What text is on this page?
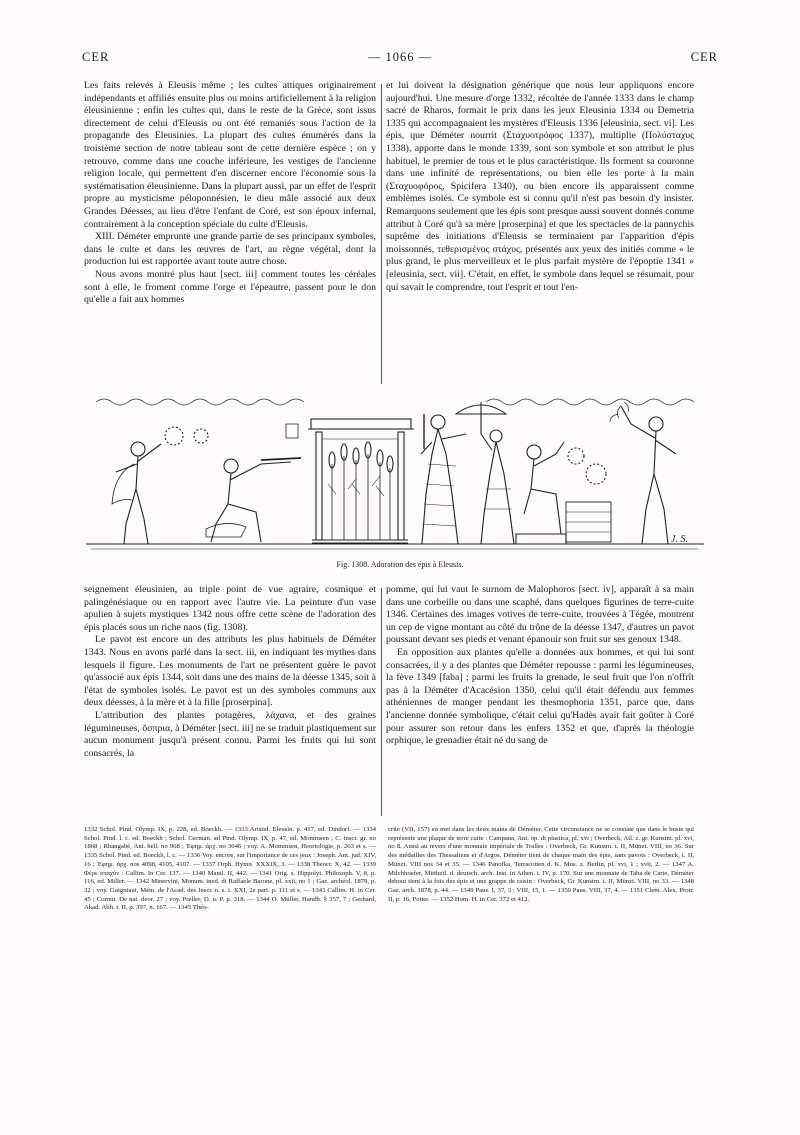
— 1066 —
CER	CER

Les faits relevés à Eleusis même ; les cultes attiques originairement indépendants et affiliés ensuite plus ou moins artificiellement à la religion éleusinienne ; enfin les cultes qui, dans le reste de la Grèce, sont issus directement de celui d'Eleusis ou ont été remaniés sous l'action de la propagande des Eleusinies. La plupart des cultes énumérés dans la troisième section de notre tableau sont de cette dernière espèce ; on y retrouve, comme dans une couche inférieure, les vestiges de l'ancienne religion locale, qui permettent d'en discerner encore l'économie sous la systématisation éleusinienne. Dans la plupart aussi, par un effet de l'esprit propre au mysticisme péloponnésien, le dieu mâle associé aux deux Grandes Déesses, au lieu d'être l'enfant de Coré, est son époux infernal, contrairement à la conception spéciale du culte d'Eleusis.

XIII. Déméter emprunte une grande partie de ses principaux symboles, dans le culte et dans les œuvres de l'art, au règne végétal, dont la production lui est rapportée avant toute autre chose.

Nous avons montré plus haut [sect. iii] comment toutes les céréales sont à elle, le froment comme l'orge et l'épeautre, passent pour le don qu'elle a fait aux hommes

et lui doivent la désignation générique que nous leur appliquons encore aujourd'hui. Une mesure d'orge 1332, récoltée de l'année 1333 dans le champ sacré de Rharos, formait le prix dans les jeux Eleusinia 1334 ou Demetria 1335 qui accompagnaient les mystères d'Eleusis 1336 [eleusinia, sect. vi]. Les épis, que Déméter nourrit (Σταχυοτρόφος 1337), multiplie (Πολύσταχυς 1338), apporte dans le monde 1339, sont son symbole et son attribut le plus habituel, le premier de tous et le plus caractéristique. Ils forment sa couronne dans une infinité de représentations, ou bien elle les porte à la main (Σταχυοφόρος, Spicifera 1340), ou bien encore ils apparaissent comme emblèmes isolés. Ce symbole est si connu qu'il n'est pas besoin d'y insister. Remarquons seulement que les épis sont presque aussi souvent donnés comme attribut à Coré qu'à sa mère [proserpina] et que les spectacles de la pannychis suprême des initiations d'Eleusis se terminaient par l'apparition d'épis moissonnés, τεθερισμένος στάχυς, présentés aux yeux des initiés comme « le plus grand, le plus merveilleux et le plus parfait mystère de l'époptie 1341 » [eleusinia, sect. vii]. C'était, en effet, le symbole dans lequel se résumait, pour qui savait le comprendre, tout l'esprit et tout l'en-

J. S.
Fig. 1308. Adoration des épis à Eleusis.

seignement éleusinien, au triple point de vue agraire, cosmique et palingénésiaque ou en rapport avec l'autre vie. La peinture d'un vase apulien à sujets mystiques 1342 nous offre cette scène de l'adoration des épis placés sous un riche naos (fig. 1308).

Le pavot est encore un des attributs les plus habituels de Déméter 1343. Nous en avons parlé dans la sect. iii, en indiquant les mythes dans lesquels il figure. Les monuments de l'art ne présentent guère le pavot qu'associé aux épis 1344, soit dans une des mains de la déesse 1345, soit à l'état de symboles isolés. Le pavot est un des symboles communs aux deux déesses, à la mère et à la fille [proserpina].

L'attribution des plantes potagères, λάχανα, et des graines légumineuses, ὄσπρια, à Déméter [sect. iii] ne se traduit plastiquement sur aucun monument jusqu'à présent connu. Parmi les fruits qui lui sont consacrés, la

pomme, qui lui vaut le surnom de Malophoros [sect. iv], apparaît à sa main dans une corbeille ou dans une scaphé, dans quelques figurines de terre-cuite 1346. Certaines des images votives de terre-cuite, trouvées à Tégée, montrent un cep de vigne montant au côté du trône de la déesse 1347, d'autres un pavot poussant devant ses pieds et venant épanouir son fruit sur ses genoux 1348.

En opposition aux plantes qu'elle a données aux hommes, et qui lui sont consacrées, il y a des plantes que Déméter repousse : parmi les légumineuses, la fève 1349 [faba] ; parmi les fruits la grenade, le seul fruit que l'on n'offrît pas à la Déméter d'Acacésion 1350, celui qu'il était défendu aux femmes athéniennes de manger pendant les thesmophoria 1351, parce que, dans l'ancienne donnée symbolique, c'était celui qu'Hadès avait fait goûter à Coré pour assurer son retour dans les enfers 1352 et que, d'après la théologie orphique, le grenadier était né du sang de

1332 Schol. Pind. Olymp. IX, p. 228, ed. Boeckh. — 1333 Aristid. Eleusin. p. 417, ed. Dindorf. — 1334 Schol. Pind. l. c. ed. Boeckh ; Schol. German. ad Pind. Olymp. IX, p. 47, ed. Mommsen ; C. inscr. gr. no 1868 ; Rhangabé, Ant. hell. no 968 ; Ἐφημ. ἀρχ. no 3046 ; voy. A. Mommsen, Heortologie, p. 263 et s. — 1335 Schol. Pind. ed. Boeckh, l. c. — 1336 Voy. encore, sur l'importance de ces jeux : Joseph. Ant. jud. XIV, 16 ; Ἐφημ. ἀρχ. nos 4098, 4105, 4107. — 1337 Orph. Hymn. XXXIX, 3. — 1338 Theocr. X, 42. — 1339 Φέρε σταχύν : Callim. In Cer. 137. — 1340 Manil. II, 442. — 1341 Orig. s. Hippolyt. Philosoph. V, 8, p. 116, ed. Miller. — 1342 Minervini, Monum. ined. di Raffaele Barone, pl. xxii, no 1 ; Gaz. archéol. 1879, p. 32 ; voy. Guigniaut, Mém. de l'Acad. des Inscr. n. s. t. XXI, 2e part. p. 111 et s. — 1343 Callim. H. in Cer. 45 ; Cornut. De nat. deor. 27 ; voy. Preller, D. u. P. p. 318. — 1344 O. Müller, Handb. § 357, 7 ; Gerhard, Akad. Abh. t. II, p. 397, n. 167. — 1345 Théo-

crite (VII, 157) en met dans les deux mains de Déméter. Cette circonstance ne se constate que dans le buste qui représente une plaque de terre cuite : Campana, Ant. op. di plastica, pl. xvi ; Overbeck, Atl. z. gr. Kunstm. pl. xvi, no 8. Aussi au revers d'une monnaie impériale de Tralles : Overbeck, Gr. Kunstm. t. II, Münzt. VIII, no 36. Sur des médailles des Thessaliens et d'Argos. Déméter tient de chaque main des épis, sans pavots : Overbeck, t. II, Münzt. VIII nos 34 et 35. — 1346 Panofka, Terracotten d. K. Mus. z. Berlin, pl. xvi, 1 ; xvii, 2. — 1347 A. Milchhoefer, Mittheil. d. deutsch. arch. Inst. in Athen. t. IV, p. 170. Sur une monnaie de Taba de Carie, Déméter debout tient à la fois des épis et une grappe de raisin : Overbeck, Gr. Kunstm. t. II, Münzt. VIII, no 33. — 1348 Gaz. arch. 1878, p. 44. — 1349 Paus. I, 37, 3 ; VIII, 15, 1. — 1350 Paus. VIII, 37, 4. — 1351 Clem. Alex. Protr. II, p. 16, Potter. — 1352 Hom. H. in Cer. 372 et 412.
